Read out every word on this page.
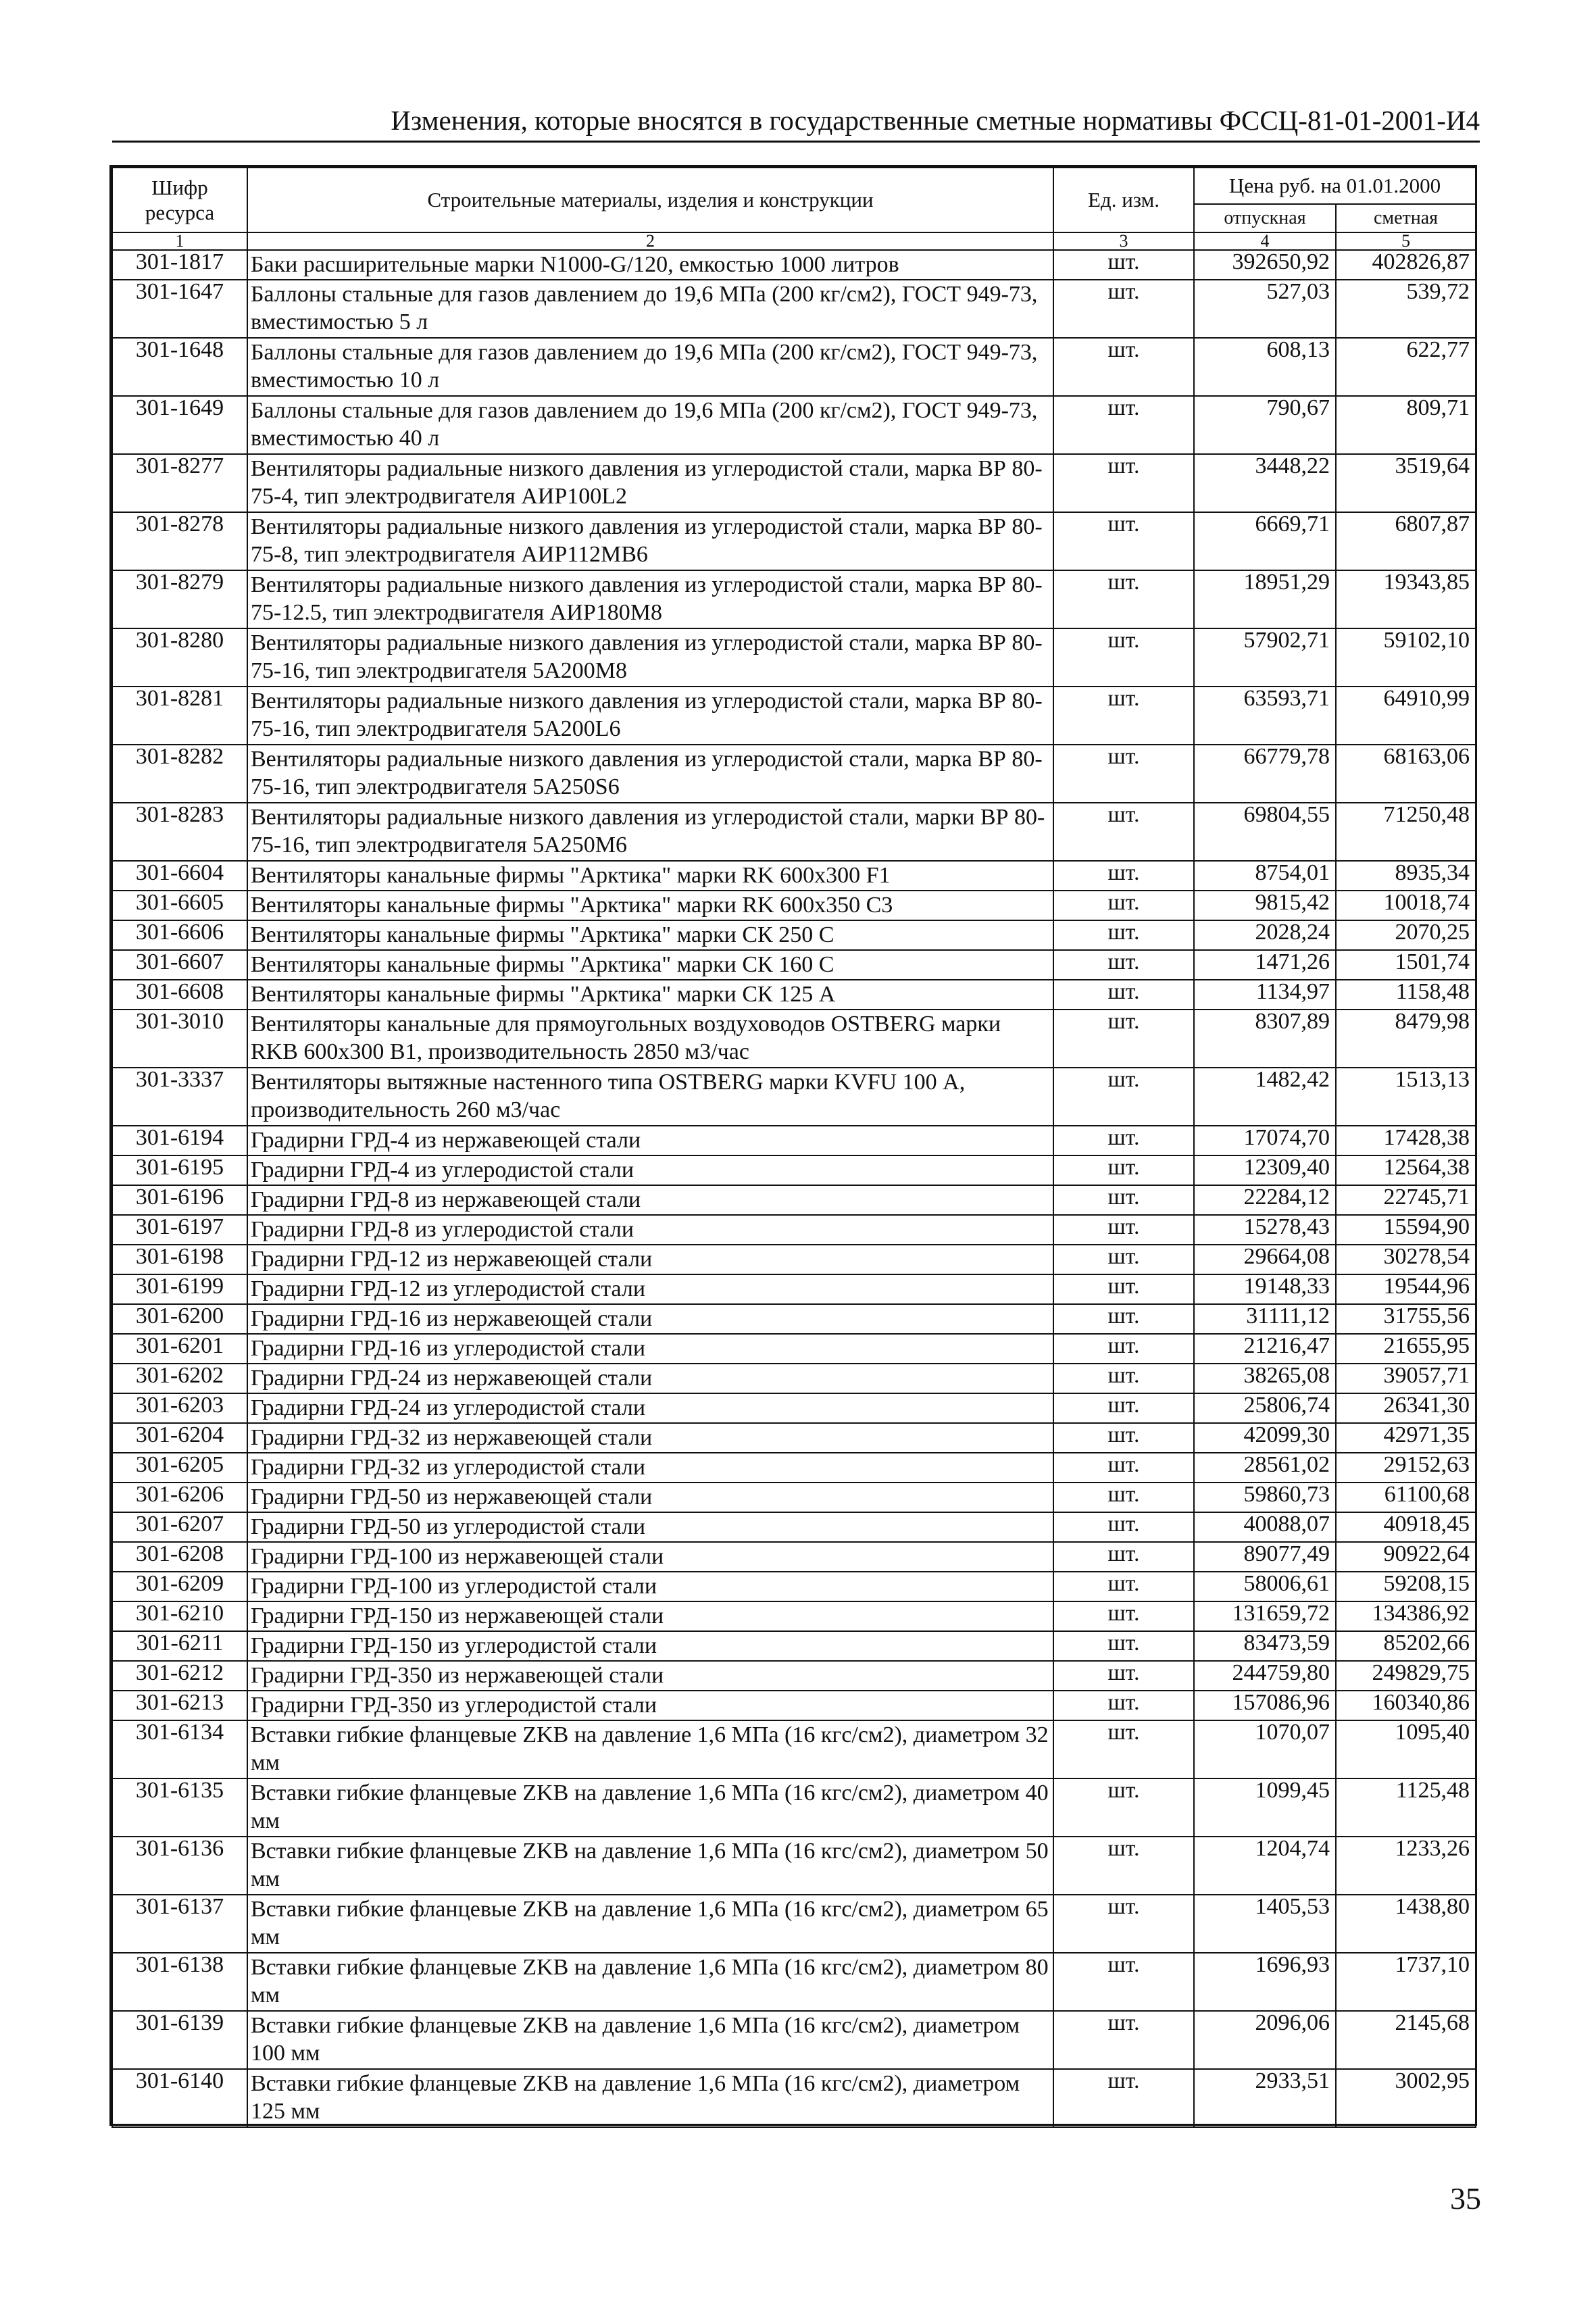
Изменения, которые вносятся в государственные сметные нормативы ФССЦ-81-01-2001-И4
Шифр ресурса	Строительные материалы, изделия и конструкции	Ед. изм.	Цена руб. на 01.01.2000	
			отпускная	сметная
1	2	3	4	5
301-1817	Баки расширительные марки N1000-G/120, емкостью 1000 литров	шт.	392650,92	402826,87
301-1647	Баллоны стальные для газов давлением до 19,6 МПа (200 кг/см2), ГОСТ 949-73, вместимостью 5 л	шт.	527,03	539,72
301-1648	Баллоны стальные для газов давлением до 19,6 МПа (200 кг/см2), ГОСТ 949-73, вместимостью 10 л	шт.	608,13	622,77
301-1649	Баллоны стальные для газов давлением до 19,6 МПа (200 кг/см2), ГОСТ 949-73, вместимостью 40 л	шт.	790,67	809,71
301-8277	Вентиляторы радиальные низкого давления из углеродистой стали, марка ВР 80-75-4, тип электродвигателя АИР100L2	шт.	3448,22	3519,64
301-8278	Вентиляторы радиальные низкого давления из углеродистой стали, марка ВР 80-75-8, тип электродвигателя АИР112МВ6	шт.	6669,71	6807,87
301-8279	Вентиляторы радиальные низкого давления из углеродистой стали, марка ВР 80-75-12.5, тип электродвигателя АИР180М8	шт.	18951,29	19343,85
301-8280	Вентиляторы радиальные низкого давления из углеродистой стали, марка ВР 80-75-16, тип электродвигателя 5А200М8	шт.	57902,71	59102,10
301-8281	Вентиляторы радиальные низкого давления из углеродистой стали, марка ВР 80-75-16, тип электродвигателя 5А200L6	шт.	63593,71	64910,99
301-8282	Вентиляторы радиальные низкого давления из углеродистой стали, марка ВР 80-75-16, тип электродвигателя 5А250S6	шт.	66779,78	68163,06
301-8283	Вентиляторы радиальные низкого давления из углеродистой стали, марки ВР 80-75-16, тип электродвигателя 5А250М6	шт.	69804,55	71250,48
301-6604	Вентиляторы канальные фирмы "Арктика" марки RK 600x300 F1	шт.	8754,01	8935,34
301-6605	Вентиляторы канальные фирмы "Арктика" марки RK 600x350 C3	шт.	9815,42	10018,74
301-6606	Вентиляторы канальные фирмы "Арктика" марки СК 250 С	шт.	2028,24	2070,25
301-6607	Вентиляторы канальные фирмы "Арктика" марки СК 160 С	шт.	1471,26	1501,74
301-6608	Вентиляторы канальные фирмы "Арктика" марки СК 125 А	шт.	1134,97	1158,48
301-3010	Вентиляторы канальные для прямоугольных воздуховодов OSTBERG марки RKB 600x300 B1, производительность 2850 м3/час	шт.	8307,89	8479,98
301-3337	Вентиляторы вытяжные настенного типа OSTBERG марки KVFU 100 А, производительность 260 м3/час	шт.	1482,42	1513,13
301-6194	Градирни ГРД-4 из нержавеющей стали	шт.	17074,70	17428,38
301-6195	Градирни ГРД-4 из углеродистой стали	шт.	12309,40	12564,38
301-6196	Градирни ГРД-8 из нержавеющей стали	шт.	22284,12	22745,71
301-6197	Градирни ГРД-8 из углеродистой стали	шт.	15278,43	15594,90
301-6198	Градирни ГРД-12 из нержавеющей стали	шт.	29664,08	30278,54
301-6199	Градирни ГРД-12 из углеродистой стали	шт.	19148,33	19544,96
301-6200	Градирни ГРД-16 из нержавеющей стали	шт.	31111,12	31755,56
301-6201	Градирни ГРД-16 из углеродистой стали	шт.	21216,47	21655,95
301-6202	Градирни ГРД-24 из нержавеющей стали	шт.	38265,08	39057,71
301-6203	Градирни ГРД-24 из углеродистой стали	шт.	25806,74	26341,30
301-6204	Градирни ГРД-32 из нержавеющей стали	шт.	42099,30	42971,35
301-6205	Градирни ГРД-32 из углеродистой стали	шт.	28561,02	29152,63
301-6206	Градирни ГРД-50 из нержавеющей стали	шт.	59860,73	61100,68
301-6207	Градирни ГРД-50 из углеродистой стали	шт.	40088,07	40918,45
301-6208	Градирни ГРД-100 из нержавеющей стали	шт.	89077,49	90922,64
301-6209	Градирни ГРД-100 из углеродистой стали	шт.	58006,61	59208,15
301-6210	Градирни ГРД-150 из нержавеющей стали	шт.	131659,72	134386,92
301-6211	Градирни ГРД-150 из углеродистой стали	шт.	83473,59	85202,66
301-6212	Градирни ГРД-350 из нержавеющей стали	шт.	244759,80	249829,75
301-6213	Градирни ГРД-350 из углеродистой стали	шт.	157086,96	160340,86
301-6134	Вставки гибкие фланцевые ZKB на давление 1,6 МПа (16 кгс/см2), диаметром 32 мм	шт.	1070,07	1095,40
301-6135	Вставки гибкие фланцевые ZKB на давление 1,6 МПа (16 кгс/см2), диаметром 40 мм	шт.	1099,45	1125,48
301-6136	Вставки гибкие фланцевые ZKB на давление 1,6 МПа (16 кгс/см2), диаметром 50 мм	шт.	1204,74	1233,26
301-6137	Вставки гибкие фланцевые ZKB на давление 1,6 МПа (16 кгс/см2), диаметром 65 мм	шт.	1405,53	1438,80
301-6138	Вставки гибкие фланцевые ZKB на давление 1,6 МПа (16 кгс/см2), диаметром 80 мм	шт.	1696,93	1737,10
301-6139	Вставки гибкие фланцевые ZKB на давление 1,6 МПа (16 кгс/см2), диаметром 100 мм	шт.	2096,06	2145,68
301-6140	Вставки гибкие фланцевые ZKB на давление 1,6 МПа (16 кгс/см2), диаметром 125 мм	шт.	2933,51	3002,95
35
